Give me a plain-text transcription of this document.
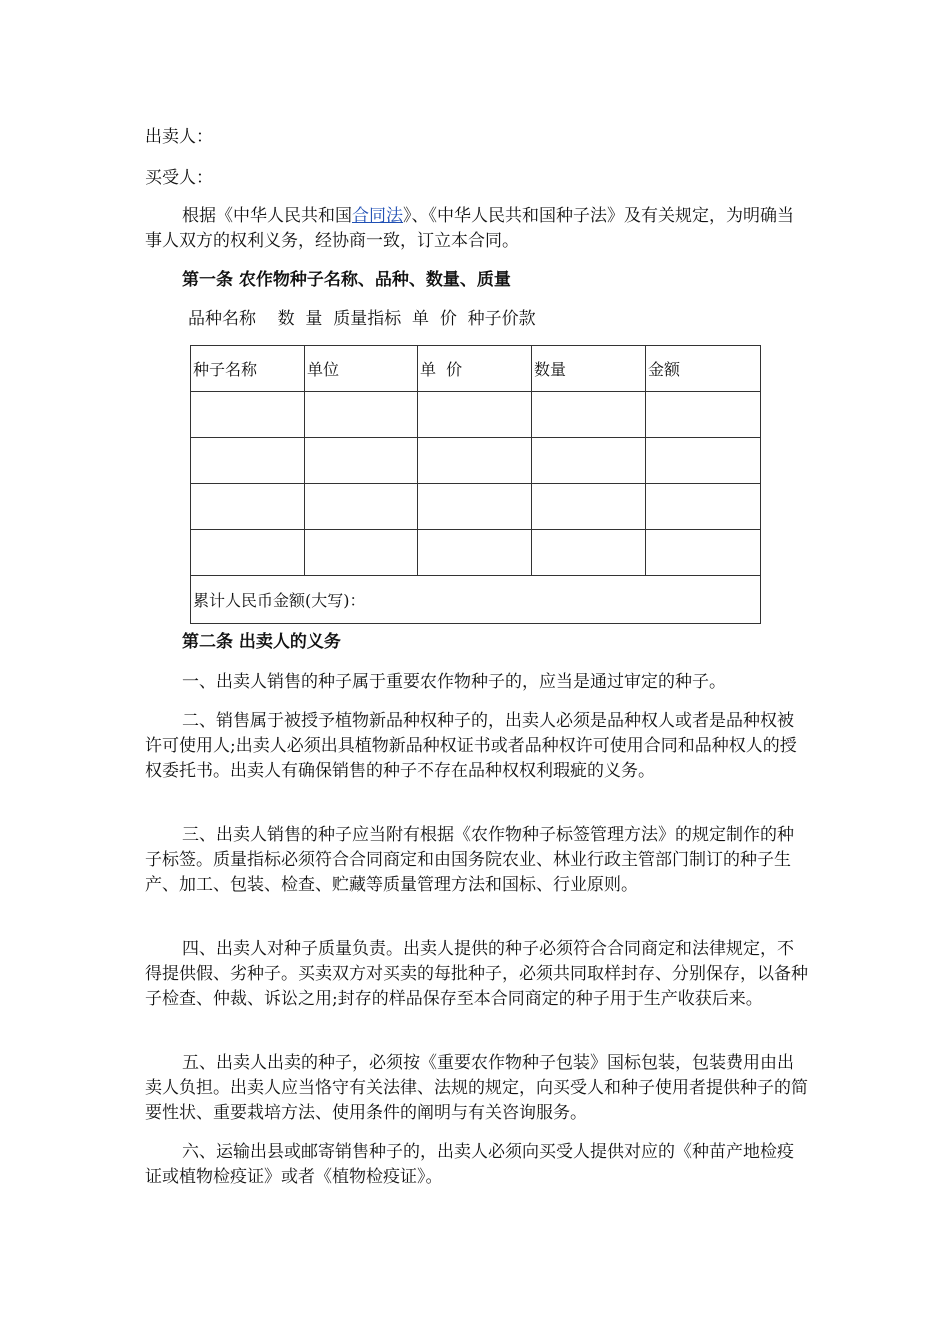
出卖人：
买受人：
根据《中华人民共和国合同法》、《中华人民共和国种子法》及有关规定，为明确当事人双方的权利义务，经协商一致，订立本合同。
第一条 农作物种子名称、品种、数量、质量
品种名称    数  量  质量指标  单  价  种子价款
种子名称	单位	单  价	数量	金额

累计人民币金额(大写)：				
第二条 出卖人的义务
一、出卖人销售的种子属于重要农作物种子的，应当是通过审定的种子。
二、销售属于被授予植物新品种权种子的，出卖人必须是品种权人或者是品种权被许可使用人;出卖人必须出具植物新品种权证书或者品种权许可使用合同和品种权人的授权委托书。出卖人有确保销售的种子不存在品种权权利瑕疵的义务。
三、出卖人销售的种子应当附有根据《农作物种子标签管理方法》的规定制作的种子标签。质量指标必须符合合同商定和由国务院农业、林业行政主管部门制订的种子生产、加工、包装、检查、贮藏等质量管理方法和国标、行业原则。
四、出卖人对种子质量负责。出卖人提供的种子必须符合合同商定和法律规定，不得提供假、劣种子。买卖双方对买卖的每批种子，必须共同取样封存、分别保存，以备种子检查、仲裁、诉讼之用;封存的样品保存至本合同商定的种子用于生产收获后来。
五、出卖人出卖的种子，必须按《重要农作物种子包装》国标包装，包装费用由出卖人负担。出卖人应当恪守有关法律、法规的规定，向买受人和种子使用者提供种子的简要性状、重要栽培方法、使用条件的阐明与有关咨询服务。
六、运输出县或邮寄销售种子的，出卖人必须向买受人提供对应的《种苗产地检疫证或植物检疫证》或者《植物检疫证》。
